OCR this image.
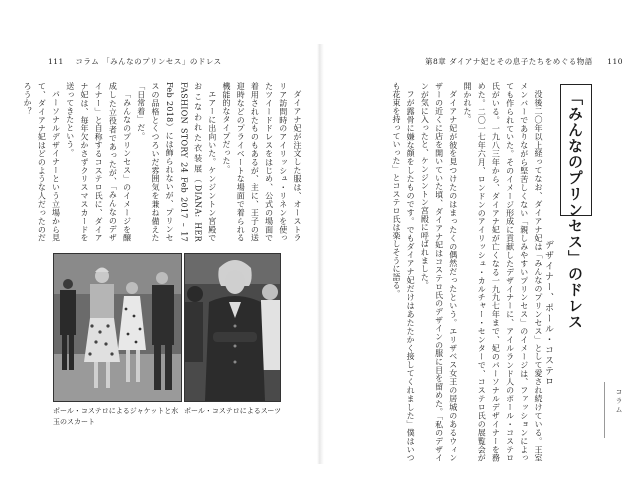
111 コラム 「みんなのプリンセス」のドレス	第8章 ダイアナ妃とその息子たちをめぐる物語 110
「みんなのプリンセス」のドレス
デザイナー、ポール・コステロ
コラム

没後二〇年以上経ってなお、ダイアナ妃は「みんなのプリンセス」として愛され続けている。王室メンバーでありながら堅苦しくない「親しみやすいプリンセス」のイメージは、ファッションによっても作られていた。そのイメージ形成に貢献したデザイナーに、アイルランド人のポール・コステロ氏がいる。一九八三年から、ダイアナ妃が亡くなる一九九七年まで、妃のパーソナルデザイナーを務めた。二〇一七年六月、ロンドンのアイリッシュ・カルチャー・センターで、コステロ氏の展覧会が開かれた。

ダイアナ妃が彼を見つけたのはまったくの偶然だったという。エリザベス女王の居城のあるウィンザーの近くに店を開いていた頃、ダイアナ妃はコステロ氏のデザインの服に目を留めた。「私のデザインが気に入ったと、ケンジントン宮殿に呼ばれました。

フが露骨に嫌な顔をしたものです。でもダイアナ妃だけはあたたかく接してくれました」僕はいつも花束を持っていった」とコステロ氏は楽しそうに語る。

ダイアナ妃が注文した服は、オーストラリア訪問時のアイリッシュ・リネンを使ったツイードドレスをはじめ、公式の場面で着用されたものもあるが、主に、王子の送迎時などのプライベートな場面で着られる機能的なタイプだった。

エアーに出向いた。ケンジントン宮殿でおこなわれた衣装展（DIANA: HER FASHION STORY 24 Feb 2017 – 17 Feb 2018）には飾られないが、プリンセスの品格とくつろいだ雰囲気を兼ね備えた「日常着」だ。

「みんなのプリンセス」のイメージを醸成した立役者であったが、「みんなのデザイナー」と自称するコステロ氏に、ダイアナ妃は、毎年欠かさずクリスマスカードを送ってきたという。

パーソナルデザイナーという立場から見て、ダイアナ妃はどのような人だったのだろうか？

ポール・コステロによるジャケットと水玉のスカート
ポール・コステロによるスーツ
